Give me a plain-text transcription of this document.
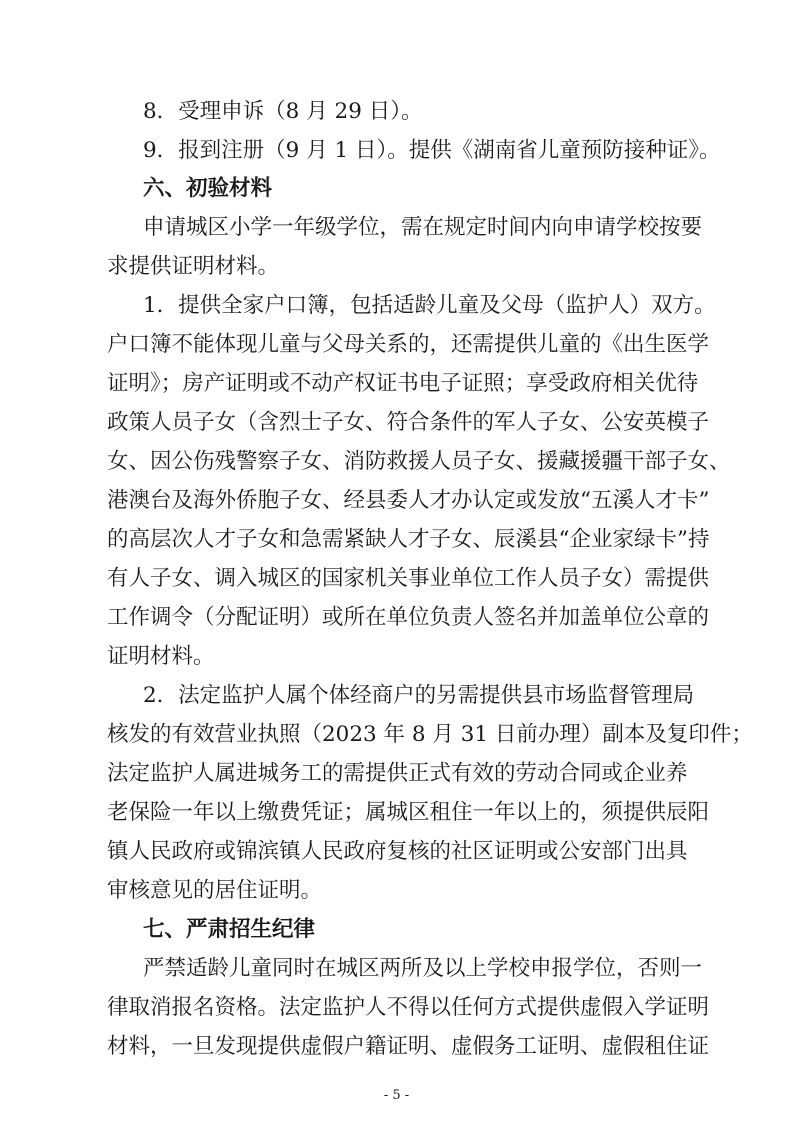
8．受理申诉（8 月 29 日）。

9．报到注册（9 月 1 日）。提供《湖南省儿童预防接种证》。

六、初验材料

申请城区小学一年级学位，需在规定时间内向申请学校按要

求提供证明材料。

1．提供全家户口簿，包括适龄儿童及父母（监护人）双方。

户口簿不能体现儿童与父母关系的，还需提供儿童的《出生医学

证明》；房产证明或不动产权证书电子证照；享受政府相关优待

政策人员子女（含烈士子女、符合条件的军人子女、公安英模子

女、因公伤残警察子女、消防救援人员子女、援藏援疆干部子女、

港澳台及海外侨胞子女、经县委人才办认定或发放“五溪人才卡”

的高层次人才子女和急需紧缺人才子女、辰溪县“企业家绿卡”持

有人子女、调入城区的国家机关事业单位工作人员子女）需提供

工作调令（分配证明）或所在单位负责人签名并加盖单位公章的

证明材料。

2．法定监护人属个体经商户的另需提供县市场监督管理局

核发的有效营业执照（2023 年 8 月 31 日前办理）副本及复印件；

法定监护人属进城务工的需提供正式有效的劳动合同或企业养

老保险一年以上缴费凭证；属城区租住一年以上的，须提供辰阳

镇人民政府或锦滨镇人民政府复核的社区证明或公安部门出具

审核意见的居住证明。

七、严肃招生纪律

严禁适龄儿童同时在城区两所及以上学校申报学位，否则一

律取消报名资格。法定监护人不得以任何方式提供虚假入学证明

材料，一旦发现提供虚假户籍证明、虚假务工证明、虚假租住证

- 5 -
